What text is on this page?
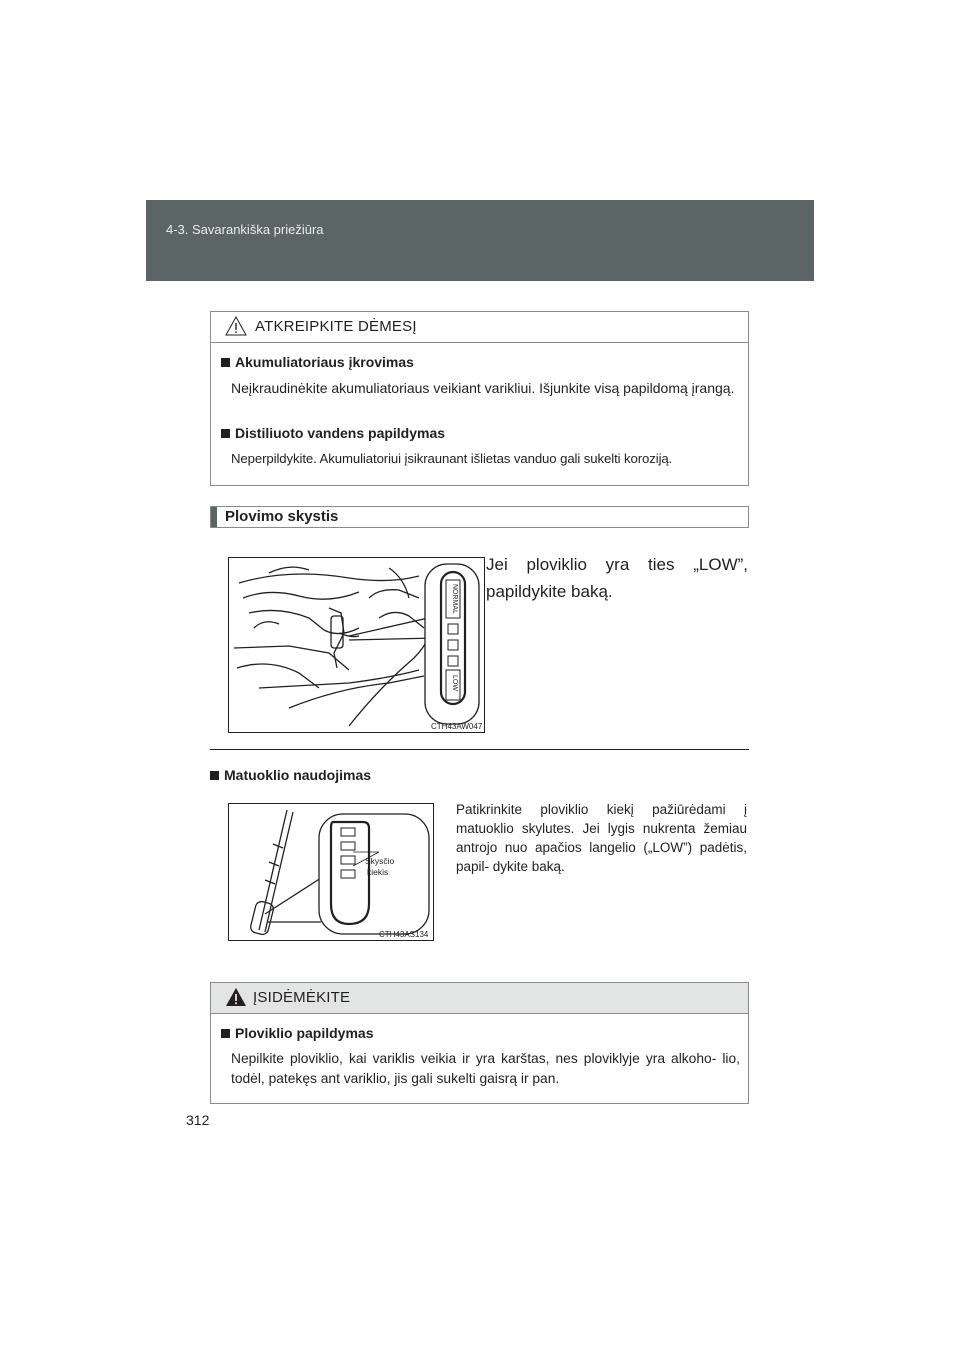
4-3. Savarankiška priežiūra
ATKREIPKITE DĖMESĮ
Akumuliatoriaus įkrovimas
Neįkraudinėkite akumuliatoriaus veikiant varikliui. Išjunkite visą papildomą įrangą.
Distiliuoto vandens papildymas
Neperpildykite. Akumuliatoriui įsikraunant išlietas vanduo gali sukelti koroziją.
Plovimo skystis
NORMAL
LOW
CTH43AW047
Jei ploviklio yra ties „LOW”, papildykite baką.
Matuoklio naudojimas
Skysčio kiekis
CTH43AS134
Patikrinkite ploviklio kiekį pažiūrėdami į matuoklio skylutes. Jei lygis nukrenta žemiau antrojo nuo apačios langelio („LOW”) padėtis, papil- dykite baką.
ĮSIDĖMĖKITE
Ploviklio papildymas
Nepilkite ploviklio, kai variklis veikia ir yra karštas, nes ploviklyje yra alkoho- lio, todėl, patekęs ant variklio, jis gali sukelti gaisrą ir pan.
312
